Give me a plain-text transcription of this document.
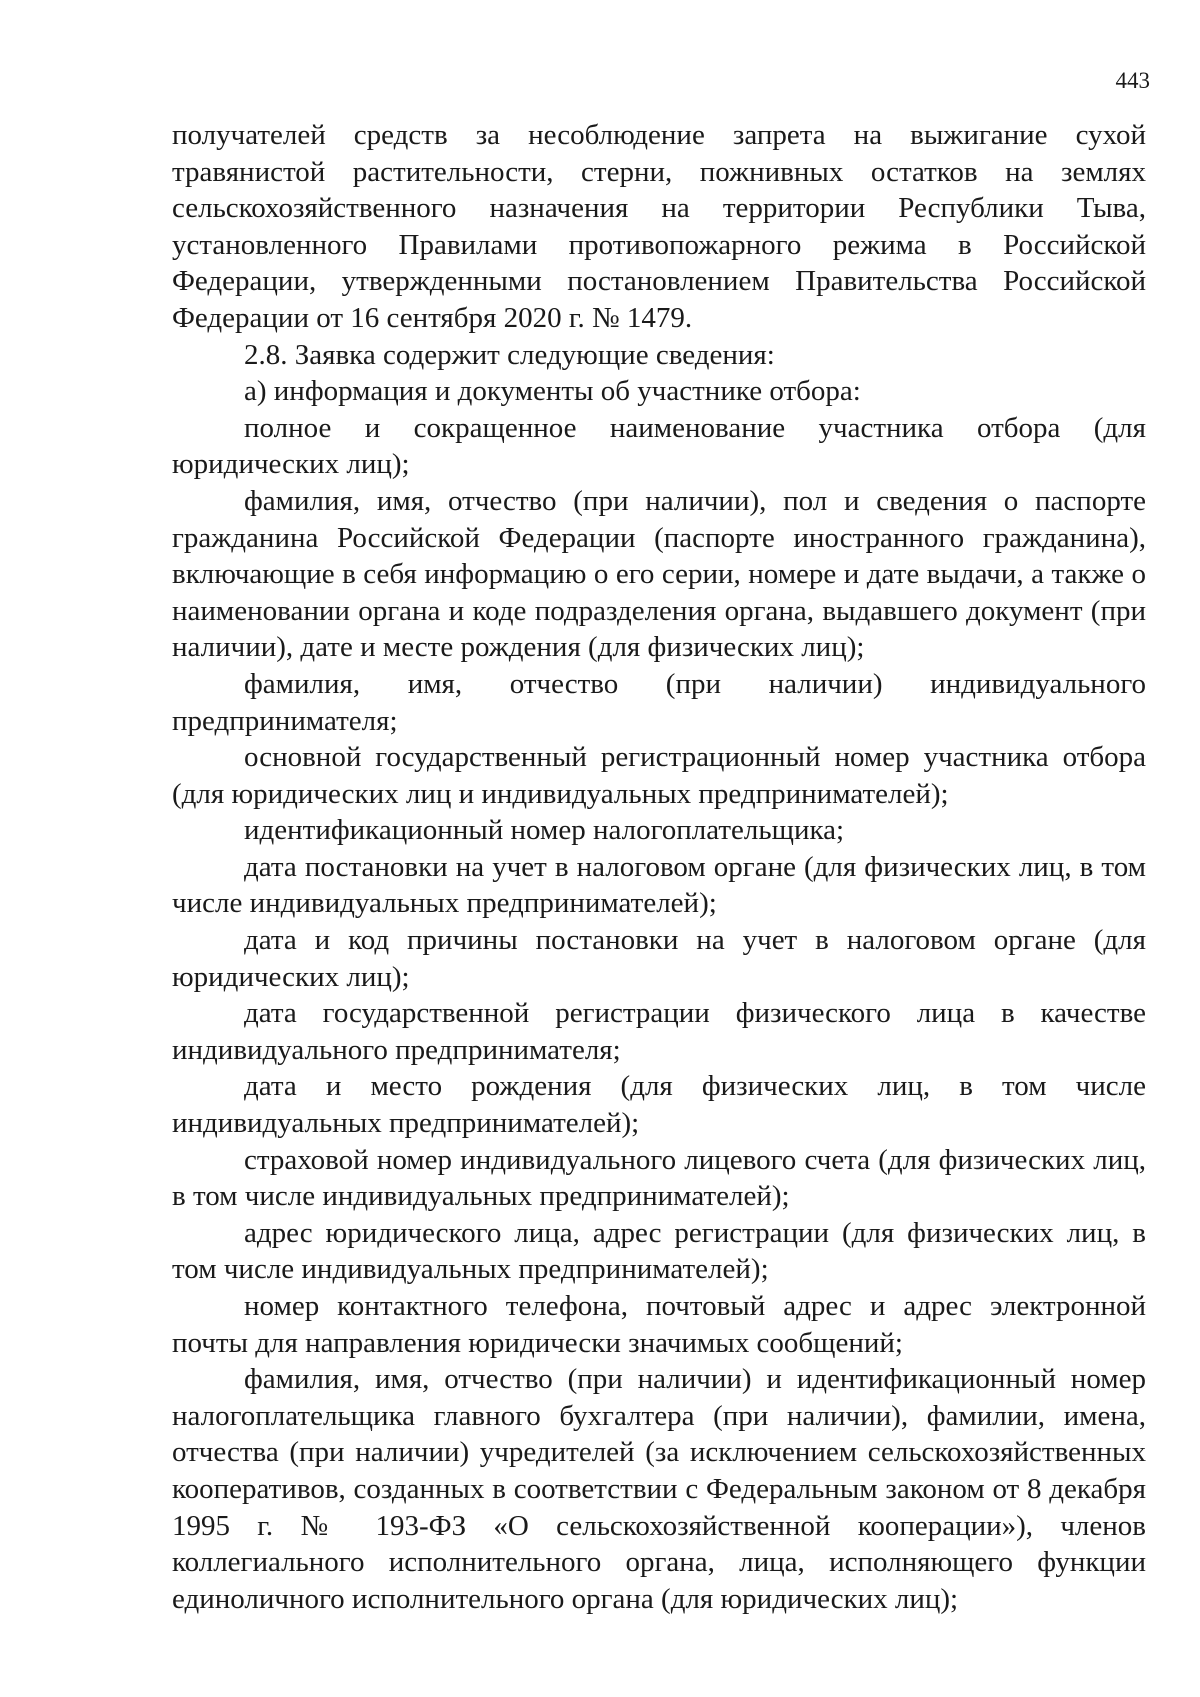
443

получателей средств за несоблюдение запрета на выжигание сухой травянистой растительности, стерни, пожнивных остатков на землях сельскохозяйственного назначения на территории Республики Тыва, установленного Правилами противопожарного режима в Российской Федерации, утвержденными постановлением Правительства Российской Федерации от 16 сентября 2020 г. № 1479.

2.8. Заявка содержит следующие сведения:

а) информация и документы об участнике отбора:

полное и сокращенное наименование участника отбора (для юридических лиц);

фамилия, имя, отчество (при наличии), пол и сведения о паспорте гражданина Российской Федерации (паспорте иностранного гражданина), включающие в себя информацию о его серии, номере и дате выдачи, а также о наименовании органа и коде подразделения органа, выдавшего документ (при наличии), дате и месте рождения (для физических лиц);

фамилия, имя, отчество (при наличии) индивидуального предпринимателя;

основной государственный регистрационный номер участника отбора (для юридических лиц и индивидуальных предпринимателей);

идентификационный номер налогоплательщика;

дата постановки на учет в налоговом органе (для физических лиц, в том числе индивидуальных предпринимателей);

дата и код причины постановки на учет в налоговом органе (для юридических лиц);

дата государственной регистрации физического лица в качестве индивидуального предпринимателя;

дата и место рождения (для физических лиц, в том числе индивидуальных предпринимателей);

страховой номер индивидуального лицевого счета (для физических лиц, в том числе индивидуальных предпринимателей);

адрес юридического лица, адрес регистрации (для физических лиц, в том числе индивидуальных предпринимателей);

номер контактного телефона, почтовый адрес и адрес электронной почты для направления юридически значимых сообщений;

фамилия, имя, отчество (при наличии) и идентификационный номер налогоплательщика главного бухгалтера (при наличии), фамилии, имена, отчества (при наличии) учредителей (за исключением сельскохозяйственных кооперативов, созданных в соответствии с Федеральным законом от 8 декабря 1995 г. № 193-ФЗ «О сельскохозяйственной кооперации»), членов коллегиального исполнительного органа, лица, исполняющего функции единоличного исполнительного органа (для юридических лиц);
